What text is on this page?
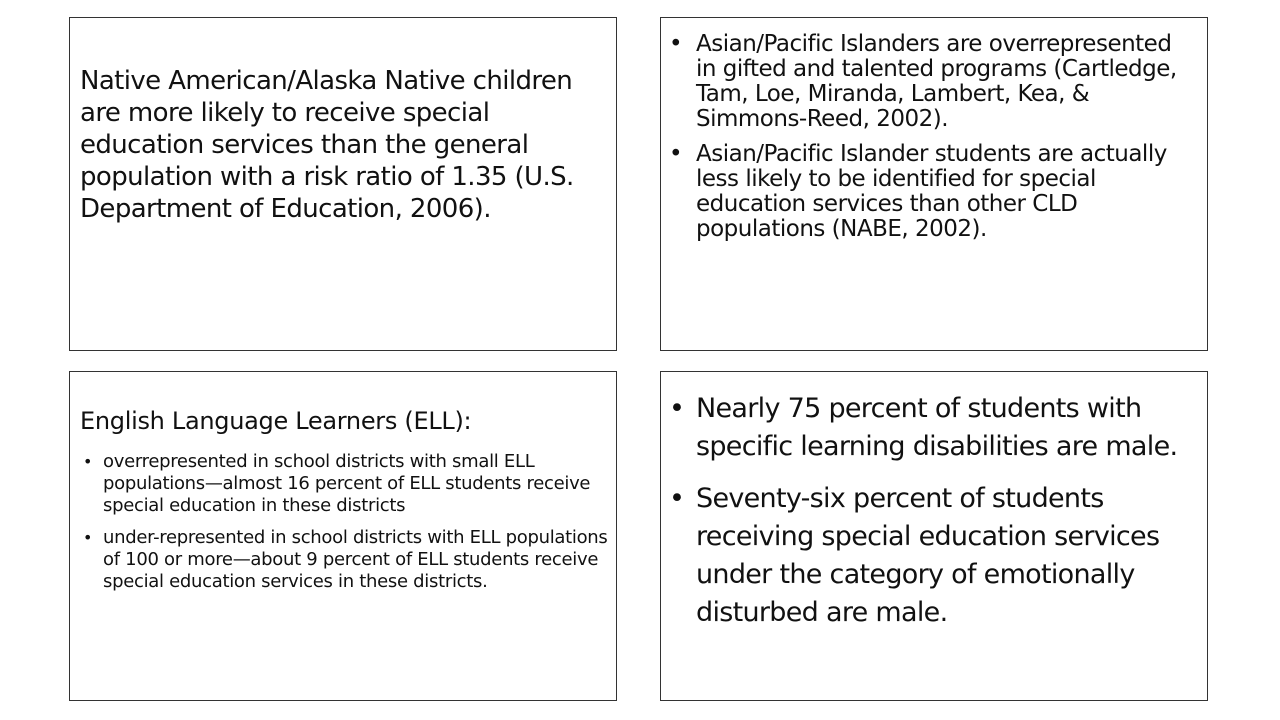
Native American/Alaska Native children are more likely to receive special education services than the general population with a risk ratio of 1.35 (U.S. Department of Education, 2006).
• Asian/Pacific Islanders are overrepresented in gifted and talented programs (Cartledge, Tam, Loe, Miranda, Lambert, Kea, & Simmons-Reed, 2002).
• Asian/Pacific Islander students are actually less likely to be identified for special education services than other CLD populations (NABE, 2002).
English Language Learners (ELL):
• overrepresented in school districts with small ELL populations—almost 16 percent of ELL students receive special education in these districts
• under-represented in school districts with ELL populations of 100 or more—about 9 percent of ELL students receive special education services in these districts.
• Nearly 75 percent of students with specific learning disabilities are male.
• Seventy-six percent of students receiving special education services under the category of emotionally disturbed are male.
